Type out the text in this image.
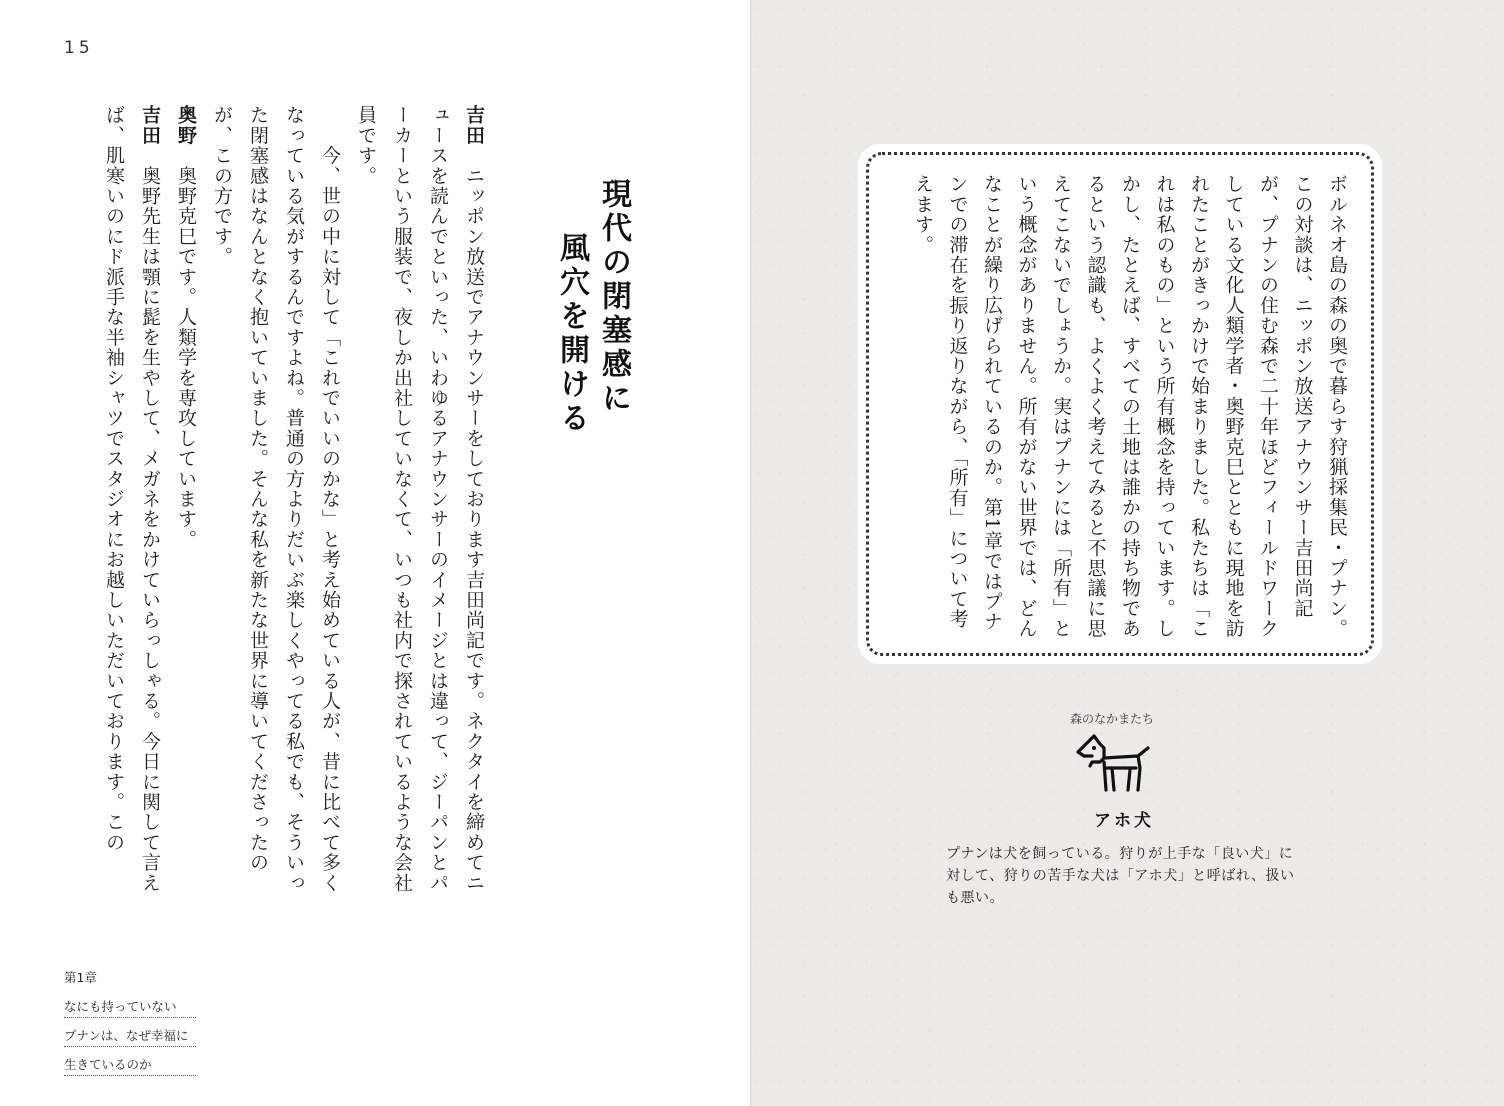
15
現代の閉塞感に
風穴を開ける
吉田　ニッポン放送でアナウンサーをしております吉田尚記です。ネクタイを締めてニュースを読んでといった、いわゆるアナウンサーのイメージとは違って、ジーパンとパーカーという服装で、夜しか出社していなくて、いつも社内で探されているような会社員です。
　　今、世の中に対して「これでいいのかな」と考え始めている人が、昔に比べて多くなっている気がするんですよね。普通の方よりだいぶ楽しくやってる私でも、そういった閉塞感はなんとなく抱いていました。そんな私を新たな世界に導いてくださったのが、この方です。
奥野　奥野克巳です。人類学を専攻しています。
吉田　奥野先生は顎に髭を生やして、メガネをかけていらっしゃる。今日に関して言えば、肌寒いのにド派手な半袖シャツでスタジオにお越しいただいております。この
第1章
なにも持っていない
プナンは、なぜ幸福に
生きているのか
ボルネオ島の森の奥で暮らす狩猟採集民・プナン。この対談は、ニッポン放送アナウンサー吉田尚記が、プナンの住む森で二十年ほどフィールドワークしている文化人類学者・奥野克巳とともに現地を訪れたことがきっかけで始まりました。私たちは「これは私のもの」という所有概念を持っています。しかし、たとえば、すべての土地は誰かの持ち物であるという認識も、よくよく考えてみると不思議に思えてこないでしょうか。実はプナンには「所有」という概念がありません。所有がない世界では、どんなことが繰り広げられているのか。第1章ではプナンでの滞在を振り返りながら、「所有」について考えます。
森のなかまたち
アホ犬
プナンは犬を飼っている。狩りが上手な「良い犬」に対して、狩りの苦手な犬は「アホ犬」と呼ばれ、扱いも悪い。
